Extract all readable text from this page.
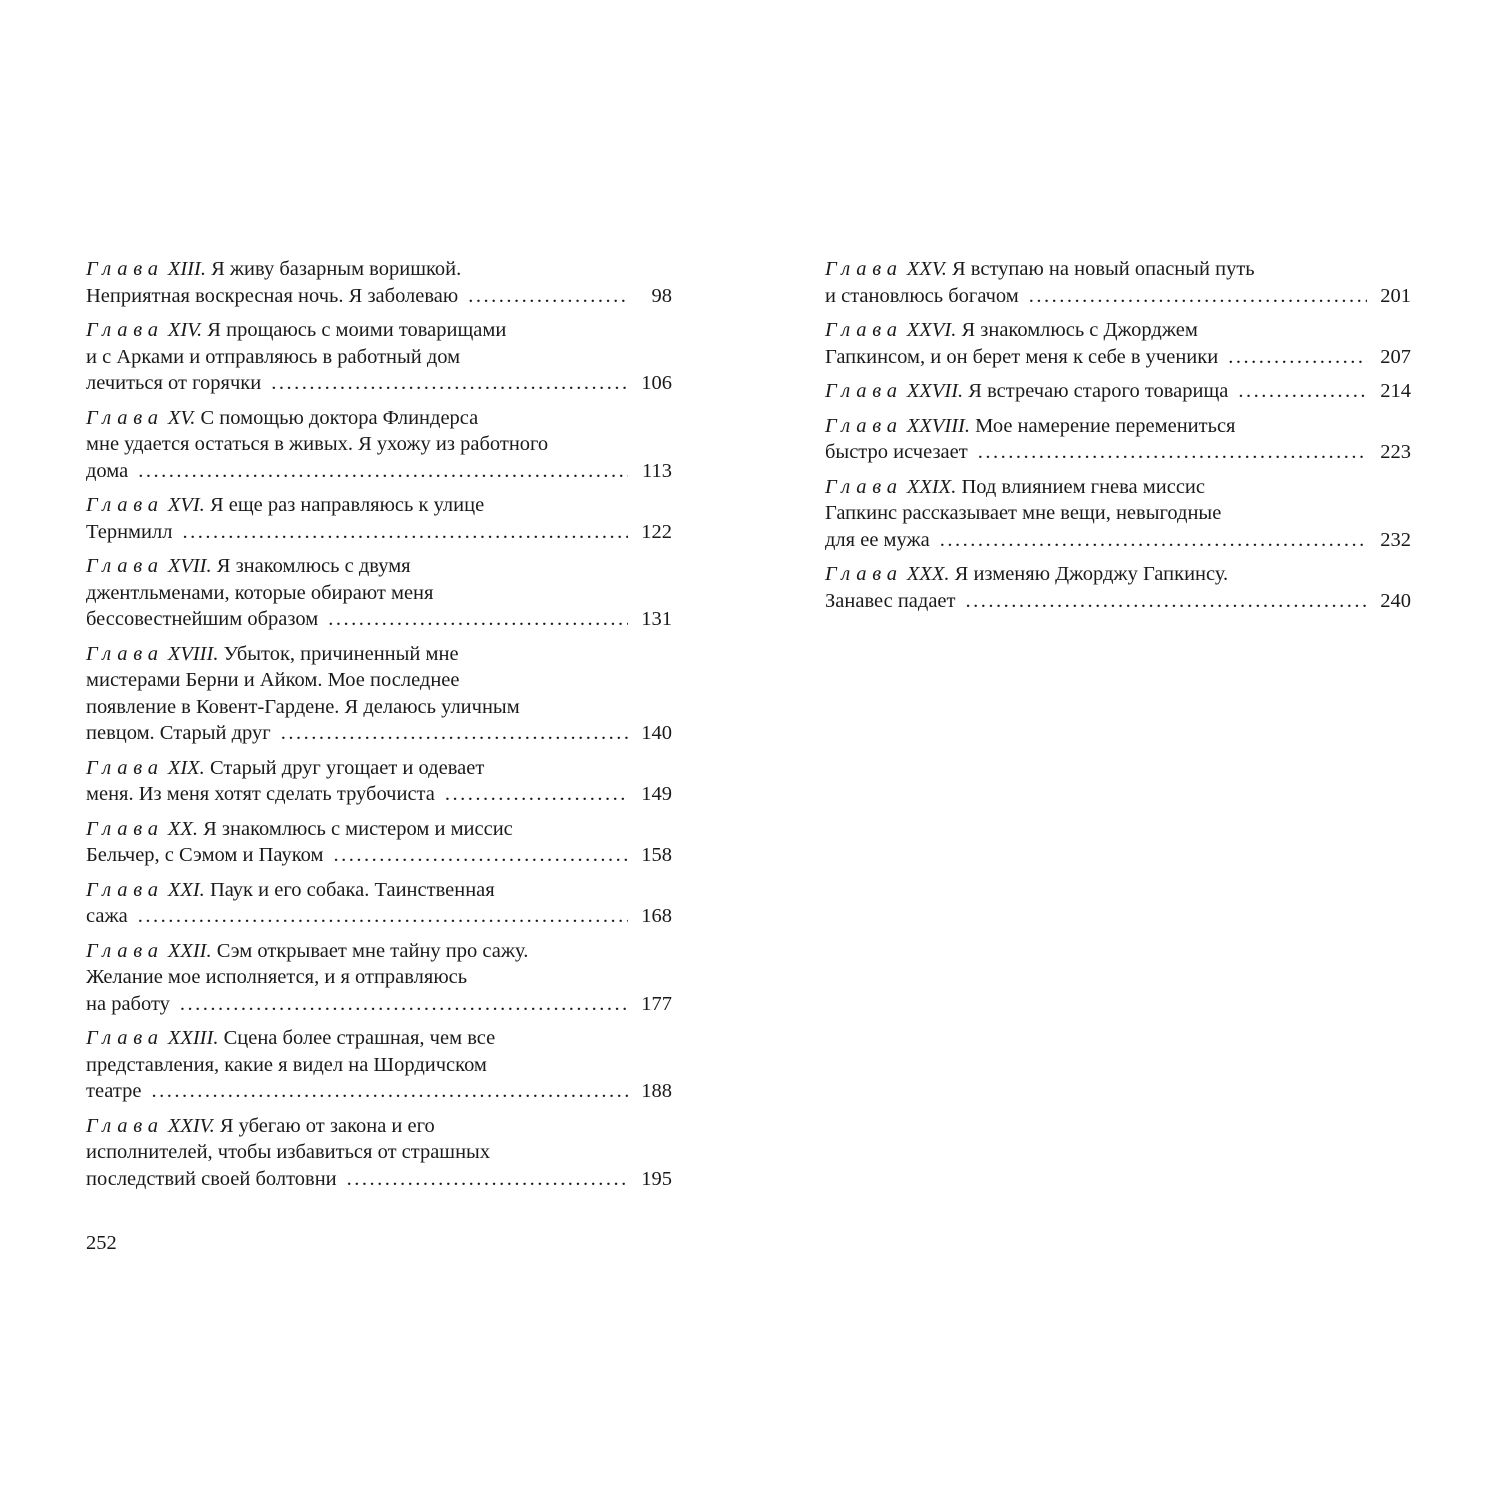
Глава XIII.
Я живу базарным воришкой.
Неприятная воскресная ночь. Я заболеваю .....	98
Глава XIV.
Я прощаюсь с моими товарищами
и с Арками и отправляюсь в работный дом
лечиться от горячки .....	106
Глава XV.
С помощью доктора Флиндерса
мне удается остаться в живых. Я ухожу из работного
дома .....	113
Глава XVI.
Я еще раз направляюсь к улице
Тернмилл .....	122
Глава XVII.
Я знакомлюсь с двумя
джентльменами, которые обирают меня
бессовестнейшим образом .....	131
Глава XVIII.
Убыток, причиненный мне
мистерами Берни и Айком. Мое последнее
появление в Ковент-Гардене. Я делаюсь уличным
певцом. Старый друг .....	140
Глава XIX.
Старый друг угощает и одевает
меня. Из меня хотят сделать трубочиста .....	149
Глава XX.
Я знакомлюсь с мистером и миссис
Бельчер, с Сэмом и Пауком .....	158
Глава XXI.
Паук и его собака. Таинственная
сажа .....	168
Глава XXII.
Сэм открывает мне тайну про сажу.
Желание мое исполняется, и я отправляюсь
на работу .....	177
Глава XXIII.
Сцена более страшная, чем все
представления, какие я видел на Шордичском
театре .....	188
Глава XXIV.
Я убегаю от закона и его
исполнителей, чтобы избавиться от страшных
последствий своей болтовни .....	195
Глава XXV.
Я вступаю на новый опасный путь
и становлюсь богачом .....	201
Глава XXVI.
Я знакомлюсь с Джорджем
Гапкинсом, и он берет меня к себе в ученики .....	207
Глава XXVII.
Я встречаю старого товарища .....	214
Глава XXVIII.
Мое намерение перемениться
быстро исчезает .....	223
Глава XXIX.
Под влиянием гнева миссис
Гапкинс рассказывает мне вещи, невыгодные
для ее мужа .....	232
Глава XXX.
Я изменяю Джорджу Гапкинсу.
Занавес падает .....	240
252
